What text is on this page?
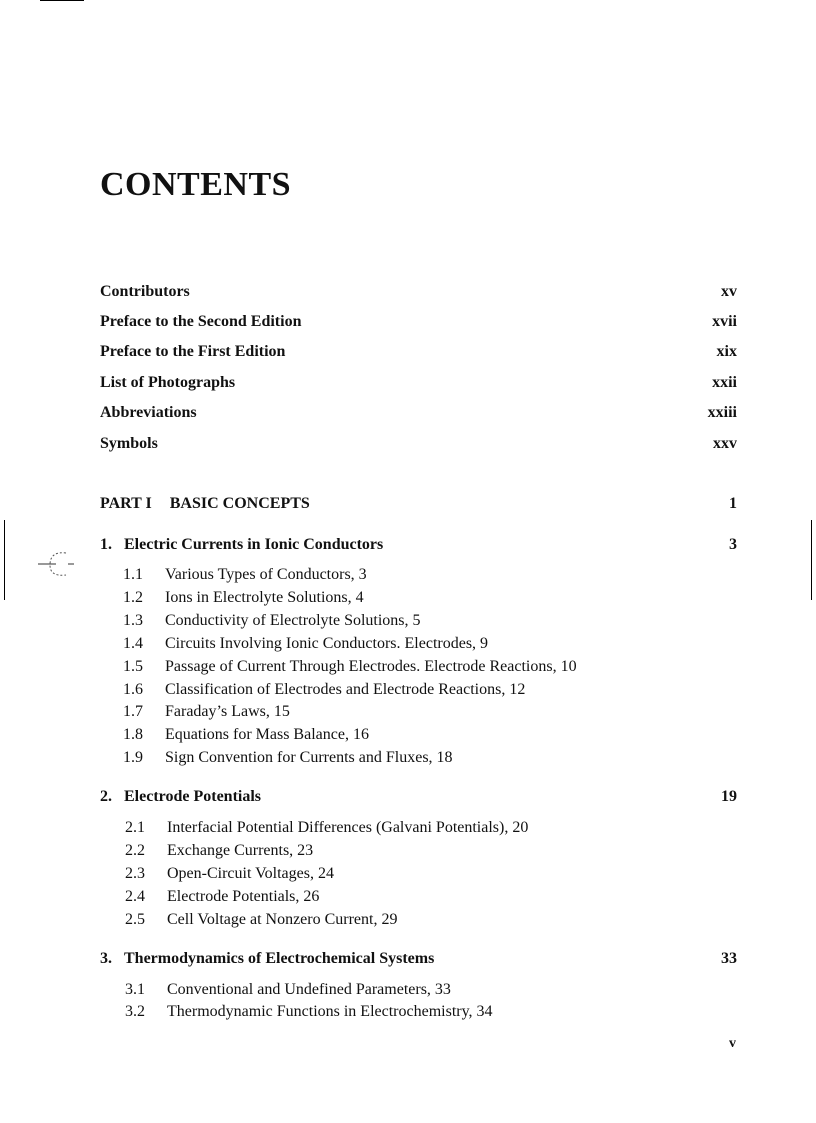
CONTENTS
Contributors	xv
Preface to the Second Edition	xvii
Preface to the First Edition	xix
List of Photographs	xxii
Abbreviations	xxiii
Symbols	xxv
PART I BASIC CONCEPTS	1
1. Electric Currents in Ionic Conductors	3
1.1 Various Types of Conductors, 3
1.2 Ions in Electrolyte Solutions, 4
1.3 Conductivity of Electrolyte Solutions, 5
1.4 Circuits Involving Ionic Conductors. Electrodes, 9
1.5 Passage of Current Through Electrodes. Electrode Reactions, 10
1.6 Classification of Electrodes and Electrode Reactions, 12
1.7 Faraday’s Laws, 15
1.8 Equations for Mass Balance, 16
1.9 Sign Convention for Currents and Fluxes, 18
2. Electrode Potentials	19
2.1 Interfacial Potential Differences (Galvani Potentials), 20
2.2 Exchange Currents, 23
2.3 Open-Circuit Voltages, 24
2.4 Electrode Potentials, 26
2.5 Cell Voltage at Nonzero Current, 29
3. Thermodynamics of Electrochemical Systems	33
3.1 Conventional and Undefined Parameters, 33
3.2 Thermodynamic Functions in Electrochemistry, 34
v
